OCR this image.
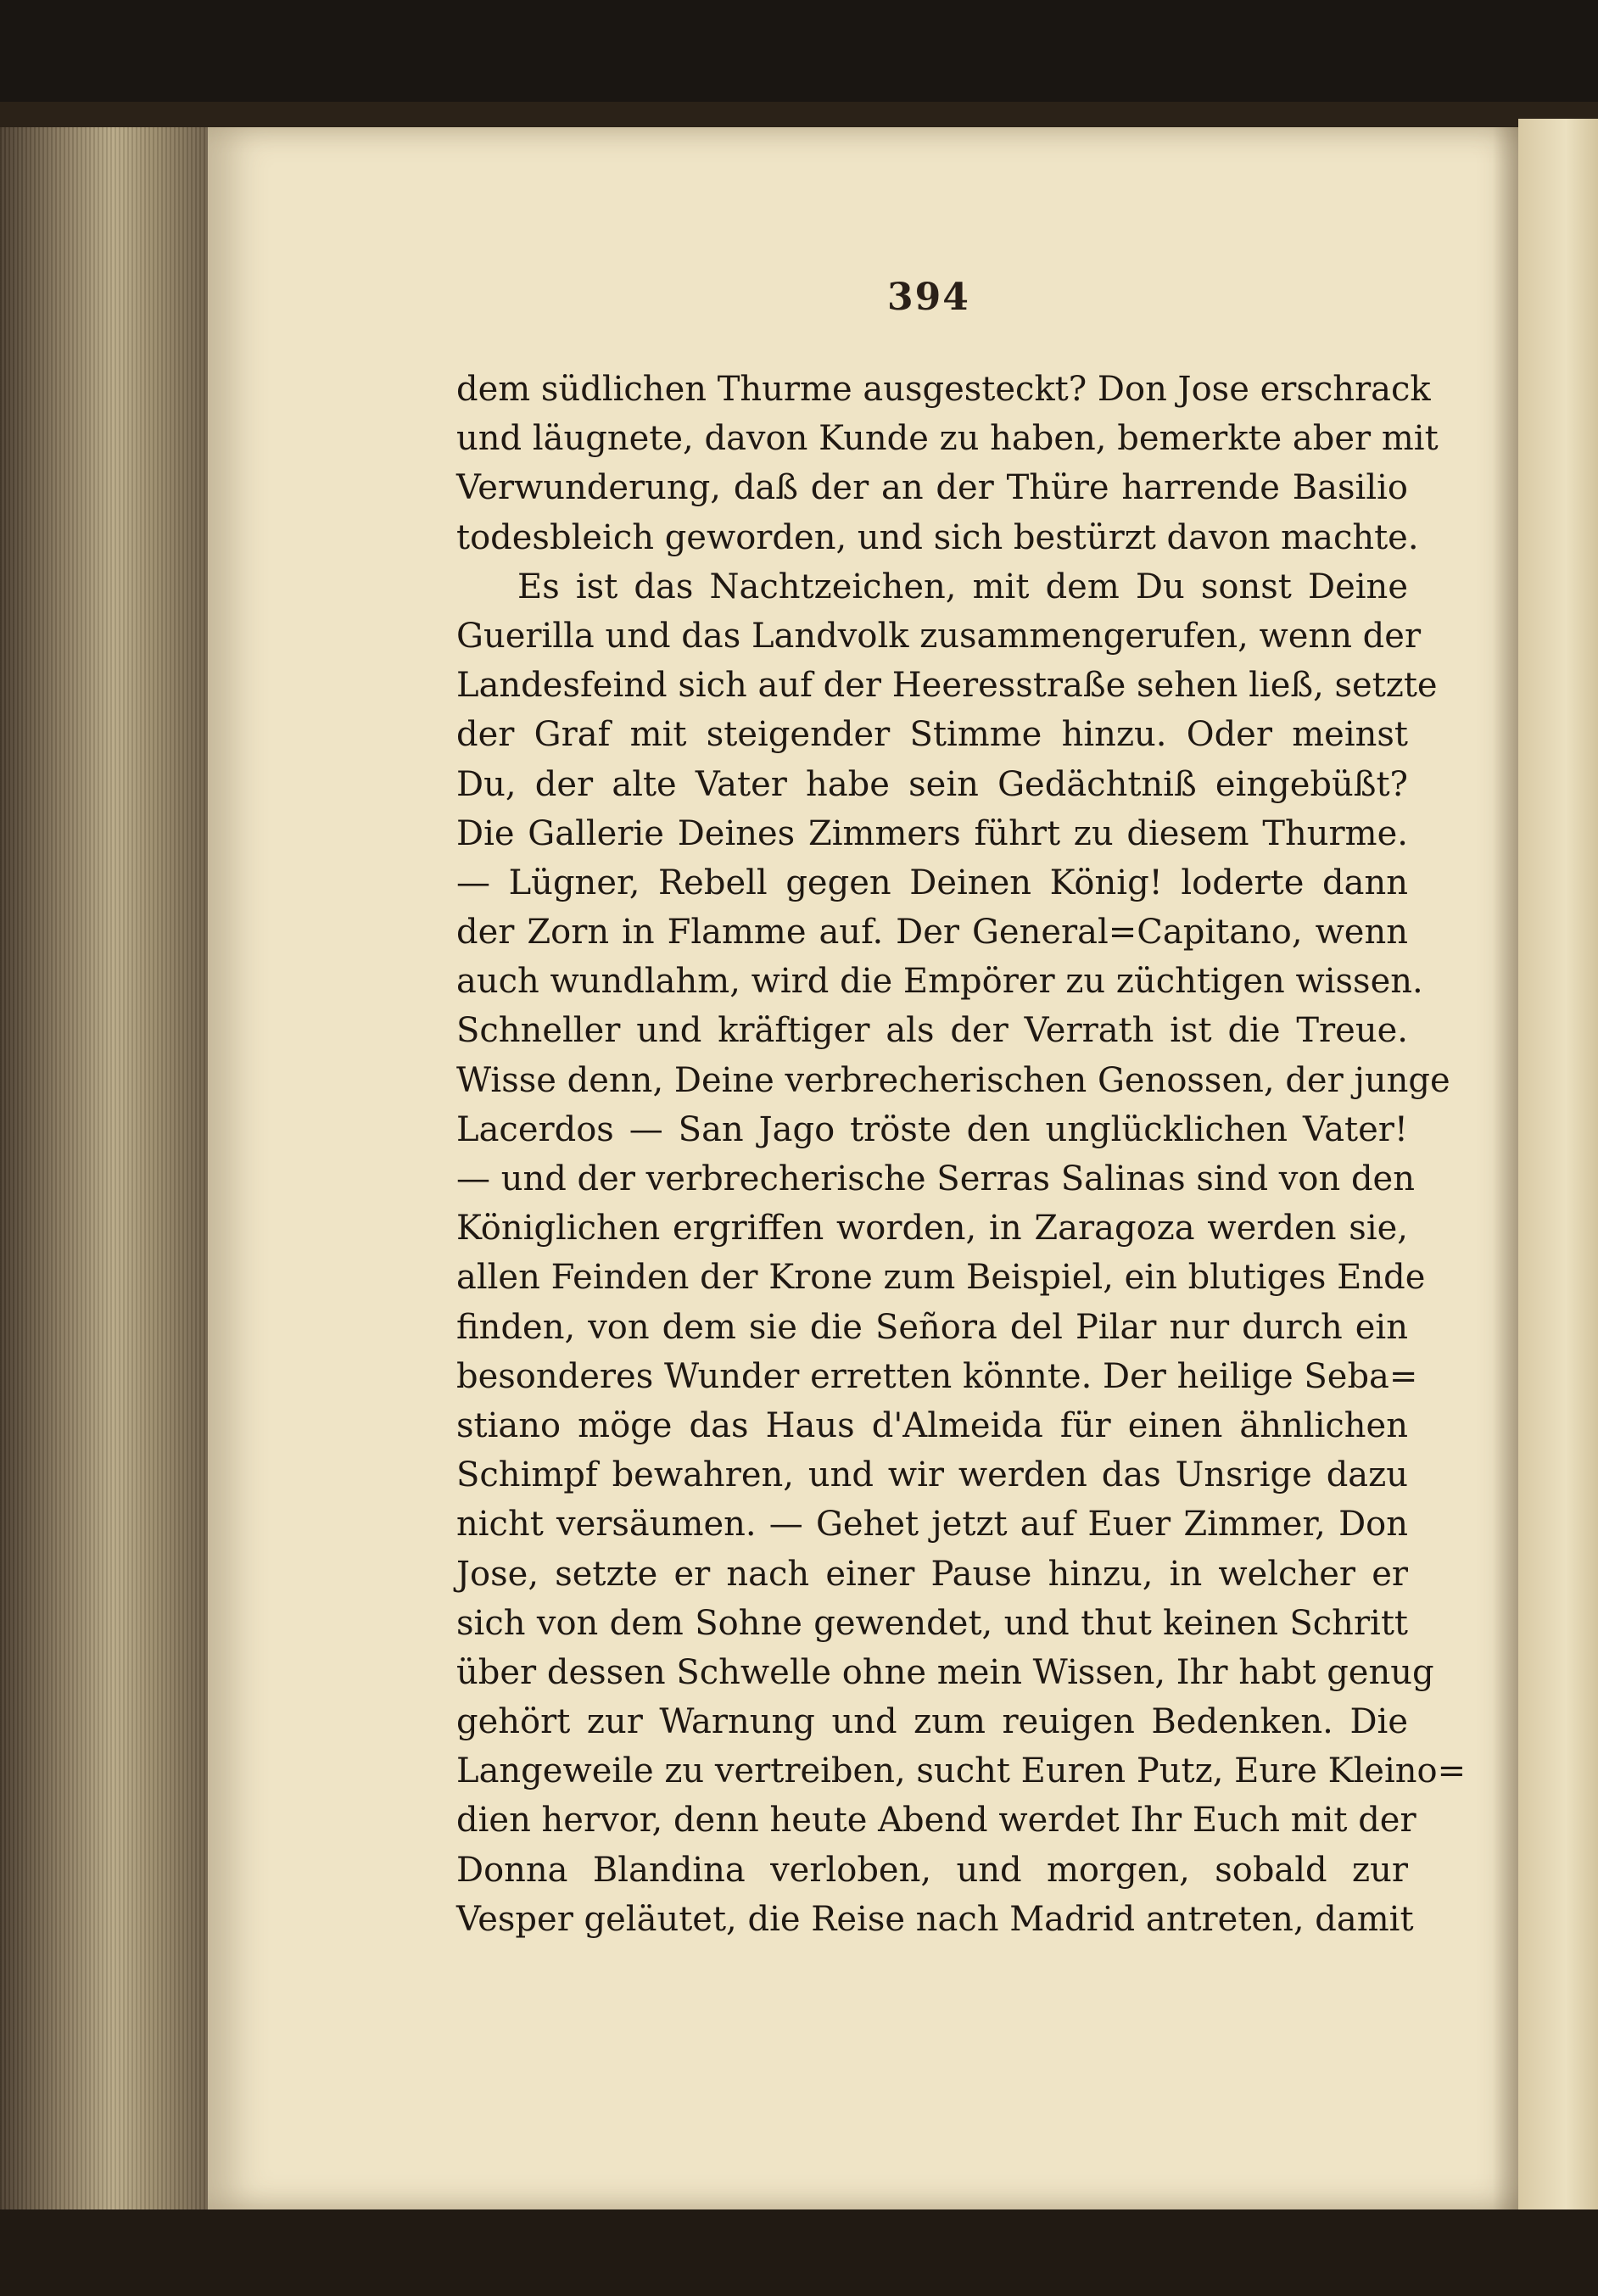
394
dem südlichen Thurme ausgesteckt? Don Jose erschrack
und läugnete, davon Kunde zu haben, bemerkte aber mit
Verwunderung, daß der an der Thüre harrende Basilio
todesbleich geworden, und sich bestürzt davon machte.
Es ist das Nachtzeichen, mit dem Du sonst Deine
Guerilla und das Landvolk zusammengerufen, wenn der
Landesfeind sich auf der Heeresstraße sehen ließ, setzte
der Graf mit steigender Stimme hinzu. Oder meinst
Du, der alte Vater habe sein Gedächtniß eingebüßt?
Die Gallerie Deines Zimmers führt zu diesem Thurme.
— Lügner, Rebell gegen Deinen König! loderte dann
der Zorn in Flamme auf. Der General=Capitano, wenn
auch wundlahm, wird die Empörer zu züchtigen wissen.
Schneller und kräftiger als der Verrath ist die Treue.
Wisse denn, Deine verbrecherischen Genossen, der junge
Lacerdos — San Jago tröste den unglücklichen Vater!
— und der verbrecherische Serras Salinas sind von den
Königlichen ergriffen worden, in Zaragoza werden sie,
allen Feinden der Krone zum Beispiel, ein blutiges Ende
finden, von dem sie die Señora del Pilar nur durch ein
besonderes Wunder erretten könnte. Der heilige Seba=
stiano möge das Haus d'Almeida für einen ähnlichen
Schimpf bewahren, und wir werden das Unsrige dazu
nicht versäumen. — Gehet jetzt auf Euer Zimmer, Don
Jose, setzte er nach einer Pause hinzu, in welcher er
sich von dem Sohne gewendet, und thut keinen Schritt
über dessen Schwelle ohne mein Wissen, Ihr habt genug
gehört zur Warnung und zum reuigen Bedenken. Die
Langeweile zu vertreiben, sucht Euren Putz, Eure Kleino=
dien hervor, denn heute Abend werdet Ihr Euch mit der
Donna Blandina verloben, und morgen, sobald zur
Vesper geläutet, die Reise nach Madrid antreten, damit
